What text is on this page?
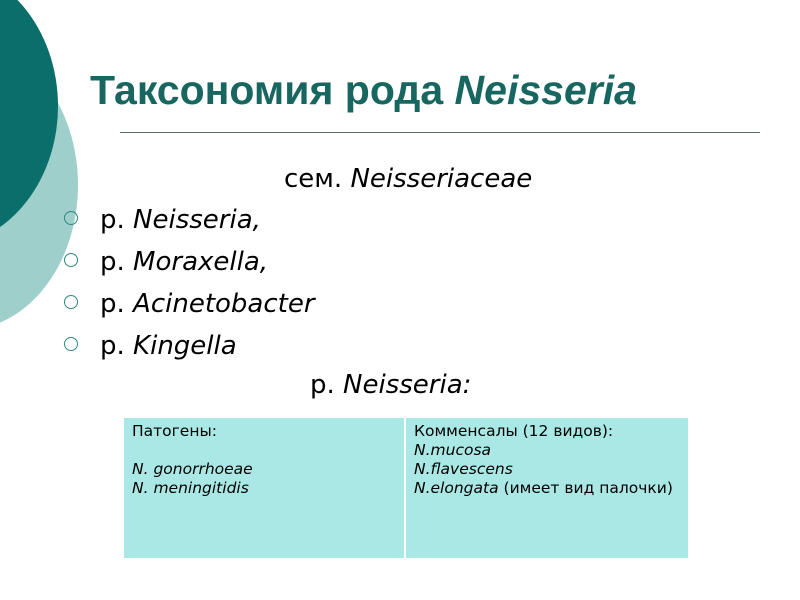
Таксономия рода Neisseria
сем. Neisseriaceae
р. Neisseria,
р. Moraxella,
р. Acinetobacter
р. Kingella
р. Neisseria:
Патогены:
N. gonorrhoeae
N. meningitidis

Комменсалы (12 видов):
N.mucosa
N.flavescens
N.elongata (имеет вид палочки)
